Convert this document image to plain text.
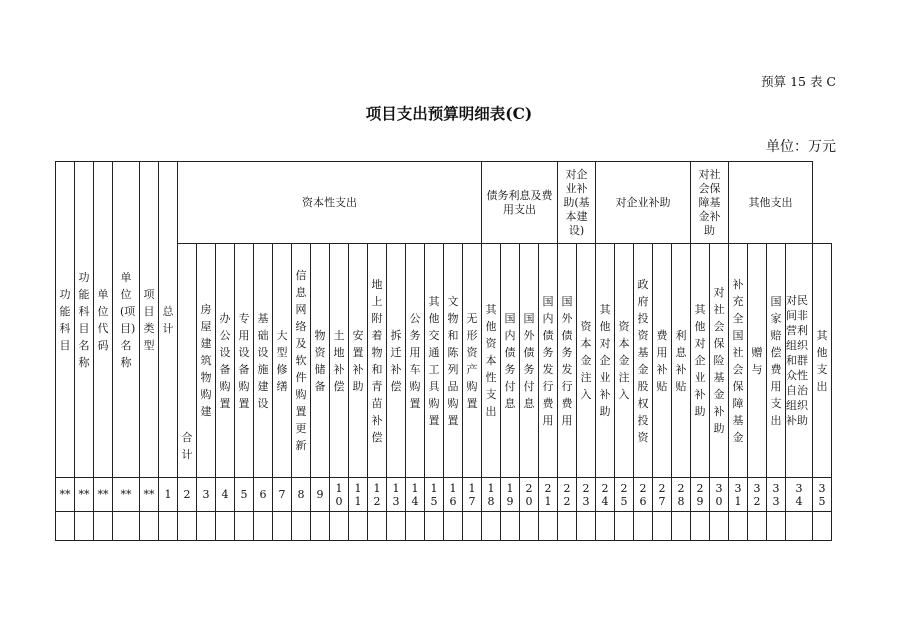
预算 15 表 C
项目支出预算明细表(C)
单位：万元
功能科目	功能科目名称	单位代码	单位(项目)名称	项目类型	总计	资本性支出																债务利息及费用支出				对企业补助(基本建设)		对企业补助					对社会保障基金补助		其他支出				

						合计	房屋建筑物购建	办公设备购置	专用设备购置	基础设施建设	大型修缮	信息网络及软件购置更新	物资储备	土地补偿	安置补助	地上附着物和青苗补偿	拆迁补偿	公务用车购置	其他交通工具购置	文物和陈列品购置	无形资产购置	其他资本性支出	国内债务付息	国外债务付息	国内债务发行费用	国外债务发行费用	资本金注入	其他对企业补助	资本金注入	政府投资基金股权投资	费用补贴	利息补贴	其他对企业补助	对社会保险基金补助	补充全国社会保障基金	赠与	国家赔偿费用支出	对民间非营利组织和群众性自治组织补助	其他支出
**	**	**	**	**	1	2	3	4	5	6	7	8	9	10	11	12	13	14	15	16	17	18	19	20	21	22	23	24	25	26	27	28	29	30	31	32	33	34	35
